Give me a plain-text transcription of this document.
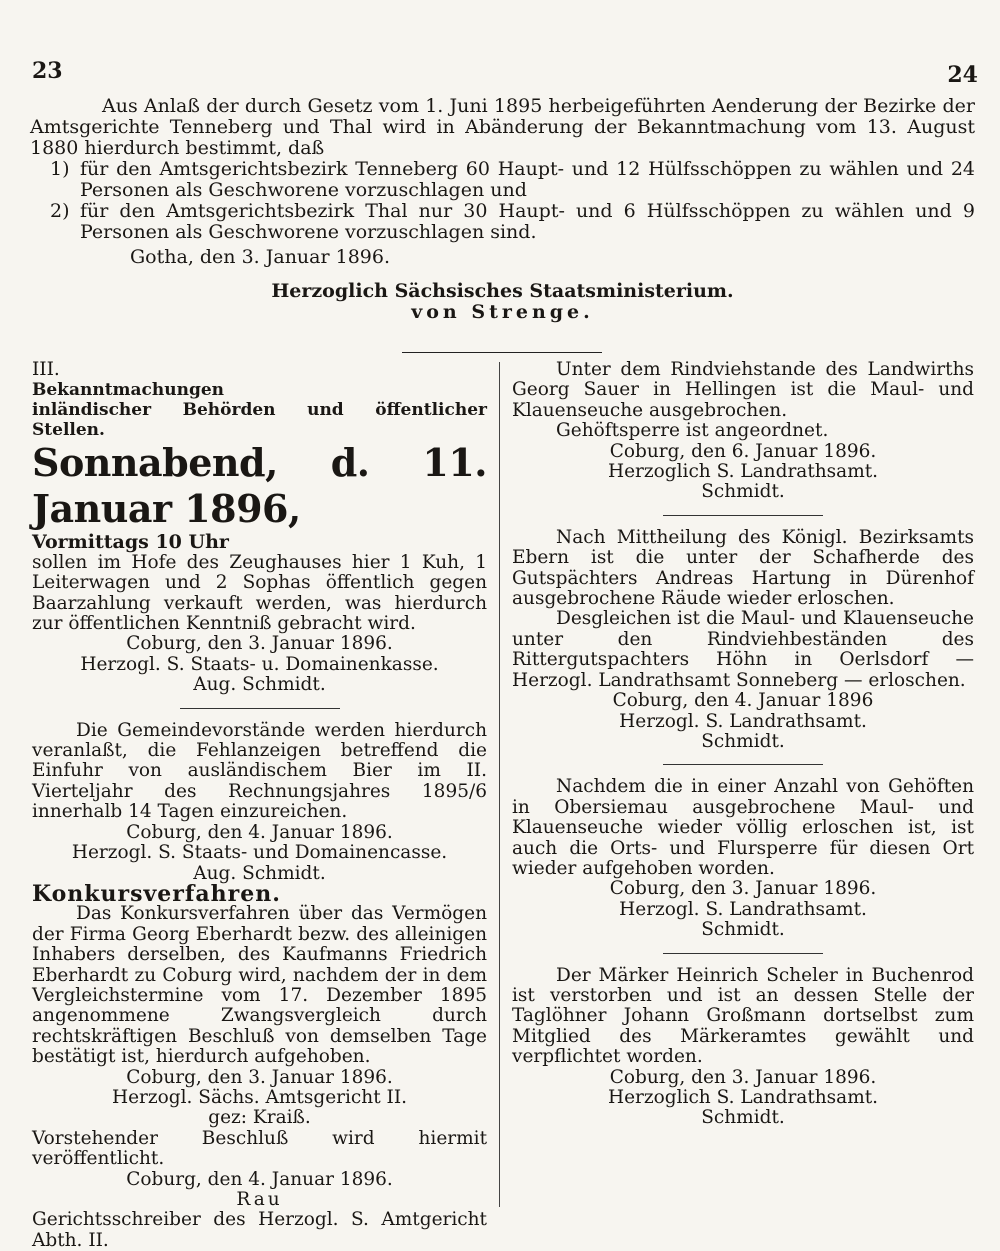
23	24

Aus Anlaß der durch Gesetz vom 1. Juni 1895 herbeigeführten Aenderung der Bezirke der Amtsgerichte Tenneberg und Thal wird in Abänderung der Bekanntmachung vom 13. August 1880 hierdurch bestimmt, daß

1) für den Amtsgerichtsbezirk Tenneberg 60 Haupt- und 12 Hülfsschöppen zu wählen und 24 Personen als Geschworene vorzuschlagen und
2) für den Amtsgerichtsbezirk Thal nur 30 Haupt- und 6 Hülfsschöppen zu wählen und 9 Personen als Geschworene vorzuschlagen sind.

Gotha, den 3. Januar 1896.

Herzoglich Sächsisches Staatsministerium.

von Strenge.

III.

Bekanntmachungen

inländischer Behörden und öffentlicher Stellen.

Sonnabend, d. 11. Januar 1896,

Vormittags 10 Uhr

sollen im Hofe des Zeughauses hier 1 Kuh, 1 Leiterwagen und 2 Sophas öffentlich gegen Baarzahlung verkauft werden, was hierdurch zur öffentlichen Kenntniß gebracht wird.

Coburg, den 3. Januar 1896.

Herzogl. S. Staats- u. Domainenkasse.

Aug. Schmidt.

Die Gemeindevorstände werden hierdurch veranlaßt, die Fehlanzeigen betreffend die Einfuhr von ausländischem Bier im II. Vierteljahr des Rechnungsjahres 1895/6 innerhalb 14 Tagen einzureichen.

Coburg, den 4. Januar 1896.

Herzogl. S. Staats- und Domainencasse.

Aug. Schmidt.

Konkursverfahren.

Das Konkursverfahren über das Vermögen der Firma Georg Eberhardt bezw. des alleinigen Inhabers derselben, des Kaufmanns Friedrich Eberhardt zu Coburg wird, nachdem der in dem Vergleichstermine vom 17. Dezember 1895 angenommene Zwangsvergleich durch rechtskräftigen Beschluß von demselben Tage bestätigt ist, hierdurch aufgehoben.

Coburg, den 3. Januar 1896.

Herzogl. Sächs. Amtsgericht II.

gez: Kraiß.

Vorstehender Beschluß wird hiermit veröffentlicht.

Coburg, den 4. Januar 1896.

Rau

Gerichtsschreiber des Herzogl. S. Amtgericht Abth. II.

Unter dem Rindviehstande des Landwirths Georg Sauer in Hellingen ist die Maul- und Klauenseuche ausgebrochen.

Gehöftsperre ist angeordnet.

Coburg, den 6. Januar 1896.

Herzoglich S. Landrathsamt.

Schmidt.

Nach Mittheilung des Königl. Bezirksamts Ebern ist die unter der Schafherde des Gutspächters Andreas Hartung in Dürenhof ausgebrochene Räude wieder erloschen.

Desgleichen ist die Maul- und Klauenseuche unter den Rindviehbeständen des Rittergutspachters Höhn in Oerlsdorf — Herzogl. Landrathsamt Sonneberg — erloschen.

Coburg, den 4. Januar 1896

Herzogl. S. Landrathsamt.

Schmidt.

Nachdem die in einer Anzahl von Gehöften in Obersiemau ausgebrochene Maul- und Klauenseuche wieder völlig erloschen ist, ist auch die Orts- und Flursperre für diesen Ort wieder aufgehoben worden.

Coburg, den 3. Januar 1896.

Herzogl. S. Landrathsamt.

Schmidt.

Der Märker Heinrich Scheler in Buchenrod ist verstorben und ist an dessen Stelle der Taglöhner Johann Großmann dortselbst zum Mitglied des Märkeramtes gewählt und verpflichtet worden.

Coburg, den 3. Januar 1896.

Herzoglich S. Landrathsamt.

Schmidt.
